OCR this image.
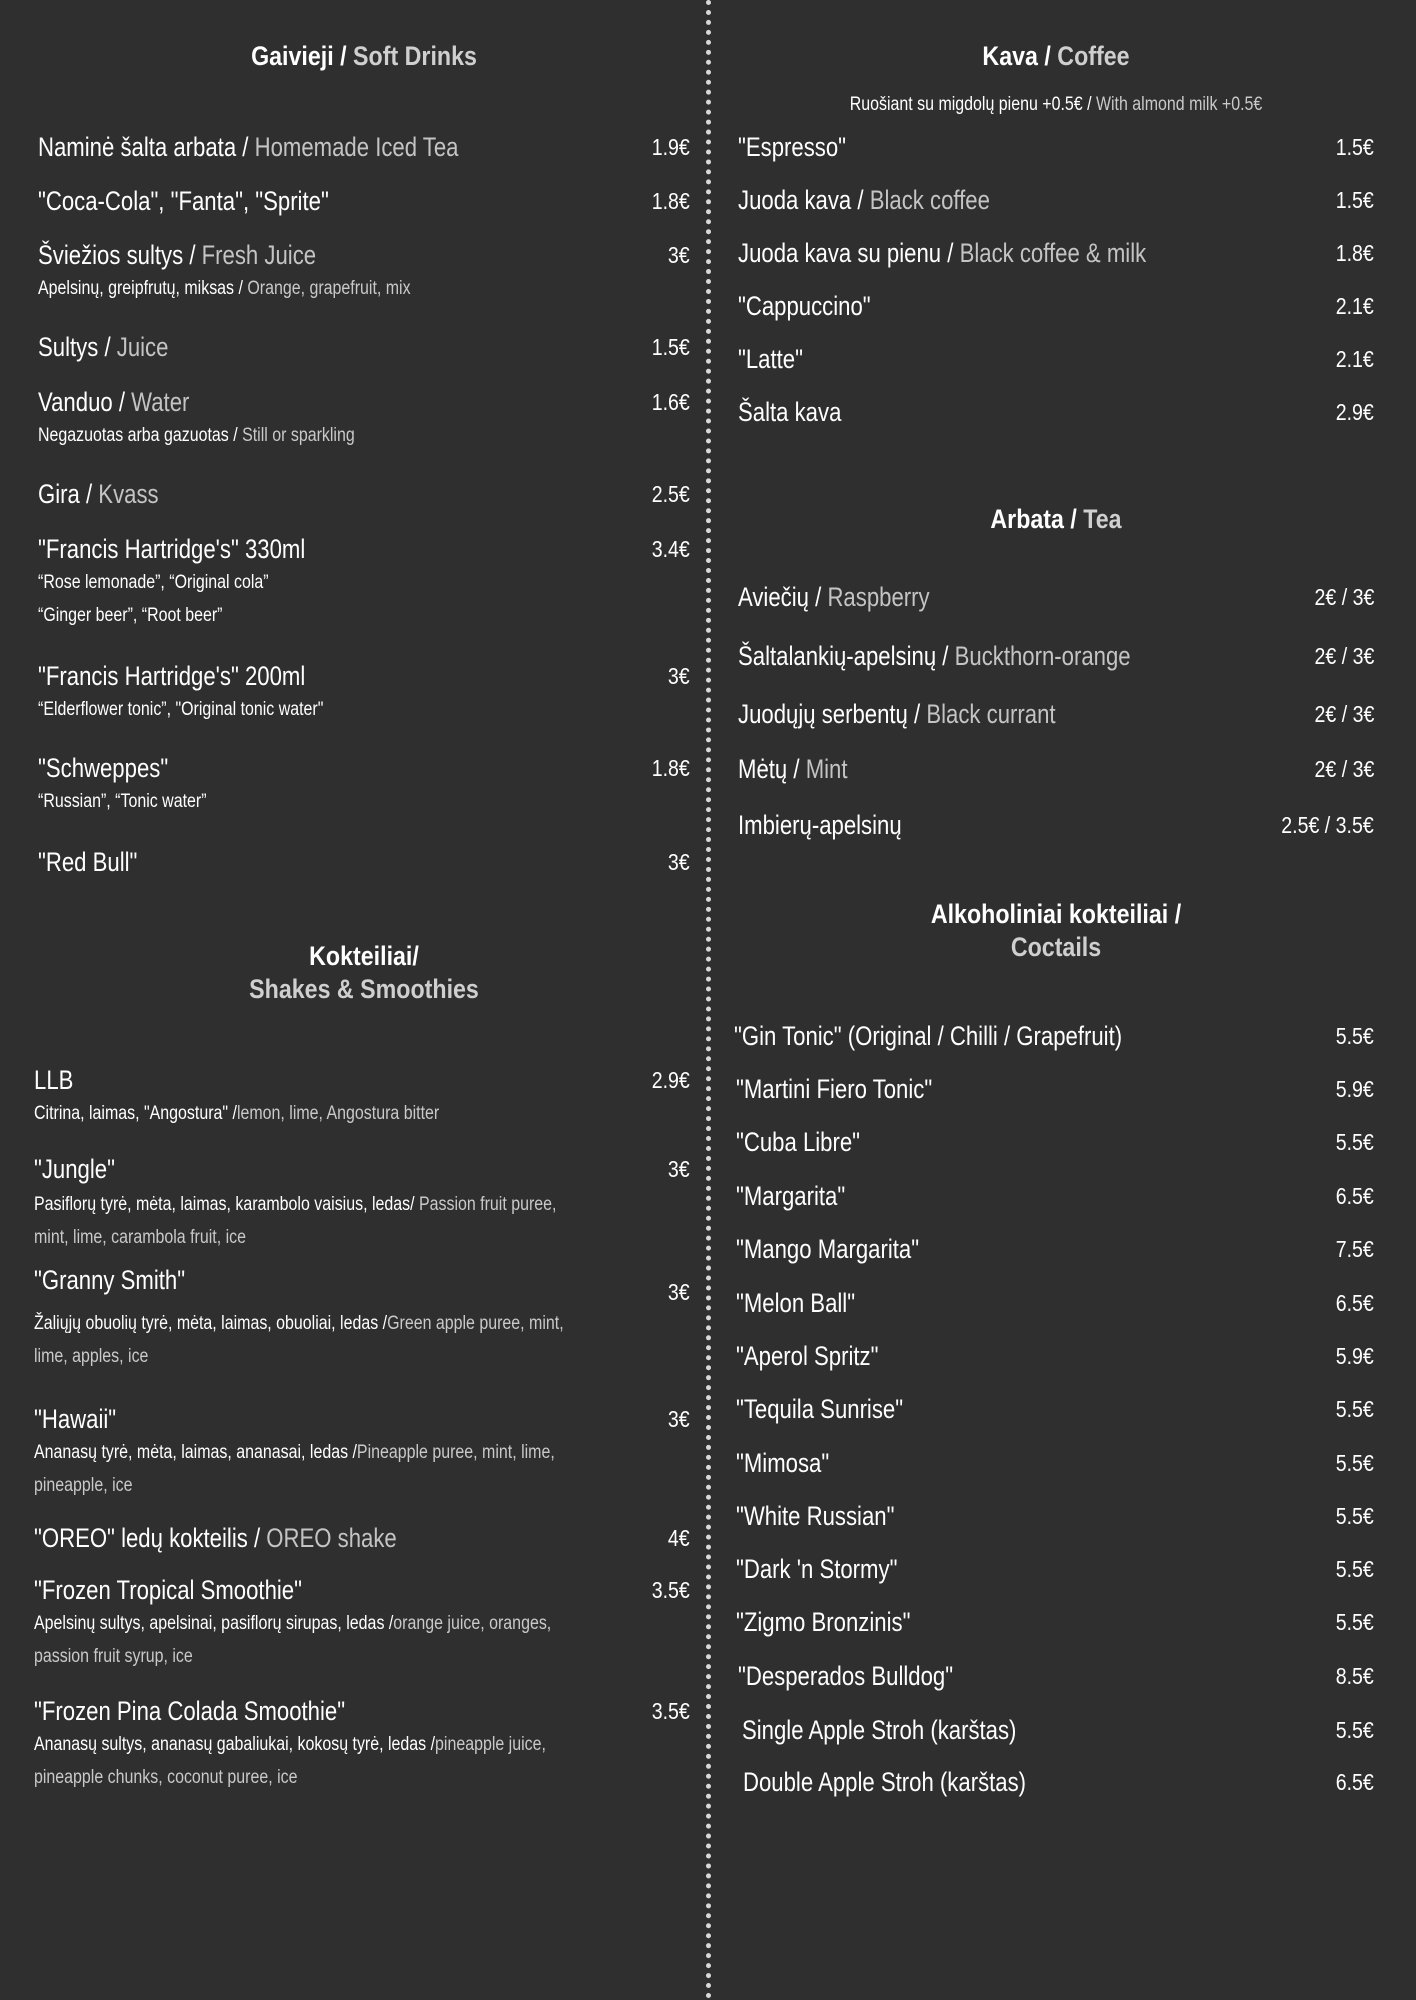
Gaivieji / Soft Drinks
Naminė šalta arbata / Homemade Iced Tea	1.9€
"Coca-Cola", "Fanta", "Sprite"	1.8€
Šviežios sultys / Fresh Juice	3€
Apelsinų, greipfrutų, miksas / Orange, grapefruit, mix
Sultys / Juice	1.5€
Vanduo / Water	1.6€
Negazuotas arba gazuotas / Still or sparkling
Gira / Kvass	2.5€
"Francis Hartridge's" 330ml	3.4€
“Rose lemonade”, “Original cola”
“Ginger beer”, “Root beer”
"Francis Hartridge's" 200ml	3€
“Elderflower tonic”, "Original tonic water"
"Schweppes"	1.8€
“Russian”, “Tonic water”
"Red Bull"	3€
Kokteiliai/
Shakes & Smoothies
LLB	2.9€
Citrina, laimas, "Angostura" /lemon, lime, Angostura bitter
"Jungle"	3€
Pasiflorų tyrė, mėta, laimas, karambolo vaisius, ledas/ Passion fruit puree,
mint, lime, carambola fruit, ice
"Granny Smith"	3€
Žaliųjų obuolių tyrė, mėta, laimas, obuoliai, ledas /Green apple puree, mint,
lime, apples, ice
"Hawaii"	3€
Ananasų tyrė, mėta, laimas, ananasai, ledas /Pineapple puree, mint, lime,
pineapple, ice
"OREO" ledų kokteilis / OREO shake	4€
"Frozen Tropical Smoothie"	3.5€
Apelsinų sultys, apelsinai, pasiflorų sirupas, ledas /orange juice, oranges,
passion fruit syrup, ice
"Frozen Pina Colada Smoothie"	3.5€
Ananasų sultys, ananasų gabaliukai, kokosų tyrė, ledas /pineapple juice,
pineapple chunks, coconut puree, ice
Kava / Coffee
Ruošiant su migdolų pienu +0.5€ / With almond milk +0.5€
"Espresso"	1.5€
Juoda kava / Black coffee	1.5€
Juoda kava su pienu / Black coffee & milk	1.8€
"Cappuccino"	2.1€
"Latte"	2.1€
Šalta kava	2.9€
Arbata / Tea
Aviečių / Raspberry	2€ / 3€
Šaltalankių-apelsinų / Buckthorn-orange	2€ / 3€
Juodųjų serbentų / Black currant	2€ / 3€
Mėtų / Mint	2€ / 3€
Imbierų-apelsinų	2.5€ / 3.5€
Alkoholiniai kokteiliai /
Coctails
"Gin Tonic" (Original / Chilli / Grapefruit)	5.5€
"Martini Fiero Tonic"	5.9€
"Cuba Libre"	5.5€
"Margarita"	6.5€
"Mango Margarita"	7.5€
"Melon Ball"	6.5€
"Aperol Spritz"	5.9€
"Tequila Sunrise"	5.5€
"Mimosa"	5.5€
"White Russian"	5.5€
"Dark 'n Stormy"	5.5€
"Zigmo Bronzinis"	5.5€
"Desperados Bulldog"	8.5€
Single Apple Stroh (karštas)	5.5€
Double Apple Stroh (karštas)	6.5€
